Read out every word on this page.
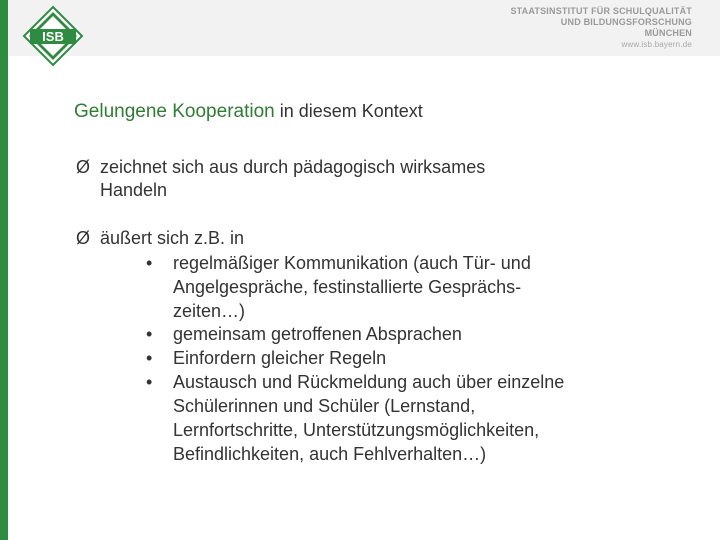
ISB
STAATSINSTITUT FÜR SCHULQUALITÄT
UND BILDUNGSFORSCHUNG
MÜNCHEN
www.isb.bayern.de
Gelungene Kooperation in diesem Kontext
Ø zeichnet sich aus durch pädagogisch wirksames
Handeln
Ø äußert sich z.B. in
• regelmäßiger Kommunikation (auch Tür- und
Angelgespräche, festinstallierte Gesprächs-
zeiten…)
• gemeinsam getroffenen Absprachen
• Einfordern gleicher Regeln
• Austausch und Rückmeldung auch über einzelne
Schülerinnen und Schüler (Lernstand,
Lernfortschritte, Unterstützungsmöglichkeiten,
Befindlichkeiten, auch Fehlverhalten…)
